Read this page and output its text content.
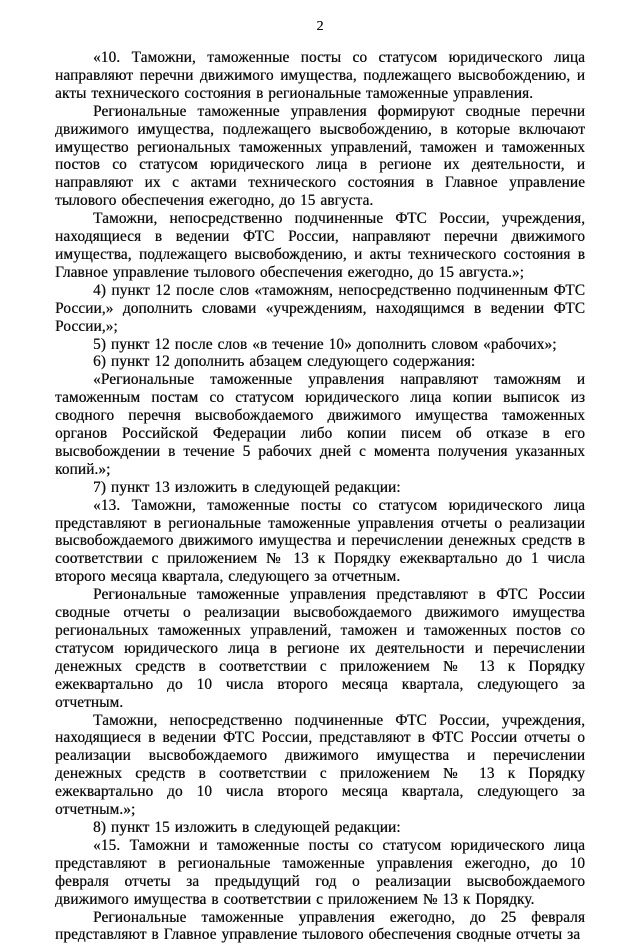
2

«10. Таможни, таможенные посты со статусом юридического лица направляют перечни движимого имущества, подлежащего высвобождению, и акты технического состояния в региональные таможенные управления.

Региональные таможенные управления формируют сводные перечни движимого имущества, подлежащего высвобождению, в которые включают имущество региональных таможенных управлений, таможен и таможенных постов со статусом юридического лица в регионе их деятельности, и направляют их с актами технического состояния в Главное управление тылового обеспечения ежегодно, до 15 августа.

Таможни, непосредственно подчиненные ФТС России, учреждения, находящиеся в ведении ФТС России, направляют перечни движимого имущества, подлежащего высвобождению, и акты технического состояния в Главное управление тылового обеспечения ежегодно, до 15 августа.»;

4) пункт 12 после слов «таможням, непосредственно подчиненным ФТС России,» дополнить словами «учреждениям, находящимся в ведении ФТС России,»;

5) пункт 12 после слов «в течение 10» дополнить словом «рабочих»;

6) пункт 12 дополнить абзацем следующего содержания:

«Региональные таможенные управления направляют таможням и таможенным постам со статусом юридического лица копии выписок из сводного перечня высвобождаемого движимого имущества таможенных органов Российской Федерации либо копии писем об отказе в его высвобождении в течение 5 рабочих дней с момента получения указанных копий.»;

7) пункт 13 изложить в следующей редакции:

«13. Таможни, таможенные посты со статусом юридического лица представляют в региональные таможенные управления отчеты о реализации высвобождаемого движимого имущества и перечислении денежных средств в соответствии с приложением № 13 к Порядку ежеквартально до 1 числа второго месяца квартала, следующего за отчетным.

Региональные таможенные управления представляют в ФТС России сводные отчеты о реализации высвобождаемого движимого имущества региональных таможенных управлений, таможен и таможенных постов со статусом юридического лица в регионе их деятельности и перечислении денежных средств в соответствии с приложением № 13 к Порядку ежеквартально до 10 числа второго месяца квартала, следующего за отчетным.

Таможни, непосредственно подчиненные ФТС России, учреждения, находящиеся в ведении ФТС России, представляют в ФТС России отчеты о реализации высвобождаемого движимого имущества и перечислении денежных средств в соответствии с приложением № 13 к Порядку ежеквартально до 10 числа второго месяца квартала, следующего за отчетным.»;

8) пункт 15 изложить в следующей редакции:

«15. Таможни и таможенные посты со статусом юридического лица представляют в региональные таможенные управления ежегодно, до 10 февраля отчеты за предыдущий год о реализации высвобождаемого движимого имущества в соответствии с приложением № 13 к Порядку.

Региональные таможенные управления ежегодно, до 25 февраля представляют в Главное управление тылового обеспечения сводные отчеты за
